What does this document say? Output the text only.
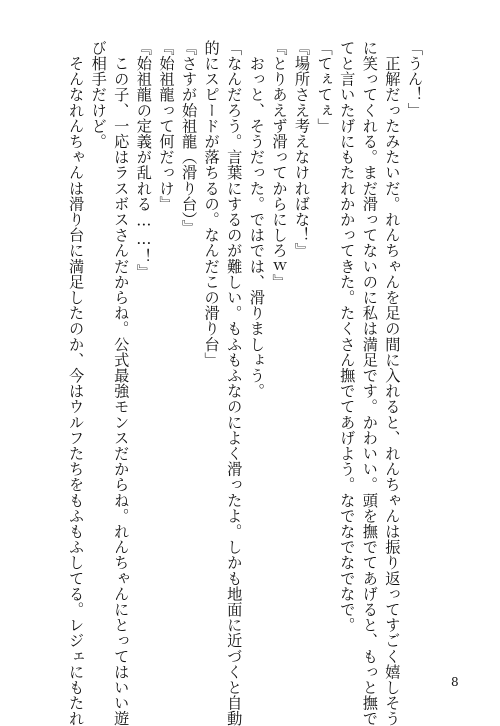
「うん！」
　正解だったみたいだ。れんちゃんを足の間に入れると、れんちゃんは振り返ってすごく嬉しそう
に笑ってくれる。まだ滑ってないのに私は満足です。かわいい。頭を撫でてあげると、もっと撫で
てと言いたげにもたれかかってきた。たくさん撫でてあげよう。なでなでなでなで。
「てぇてぇ」
『場所さえ考えなければな！』
『とりあえず滑ってからにしろｗ』
　おっと、そうだった。ではでは、滑りましょう。
「なんだろう。言葉にするのが難しい。もふもふなのによく滑ったよ。しかも地面に近づくと自動
的にスピードが落ちるの。なんだこの滑り台」
『さすが始祖龍（滑り台）』
『始祖龍って何だっけ』
『始祖龍の定義が乱れる……！』
　この子、一応はラスボスさんだからね。公式最強モンスだからね。れんちゃんにとってはいい遊
び相手だけど。
　そんなれんちゃんは滑り台に満足したのか、今はウルフたちをもふもふしてる。レジェにもたれ	8
